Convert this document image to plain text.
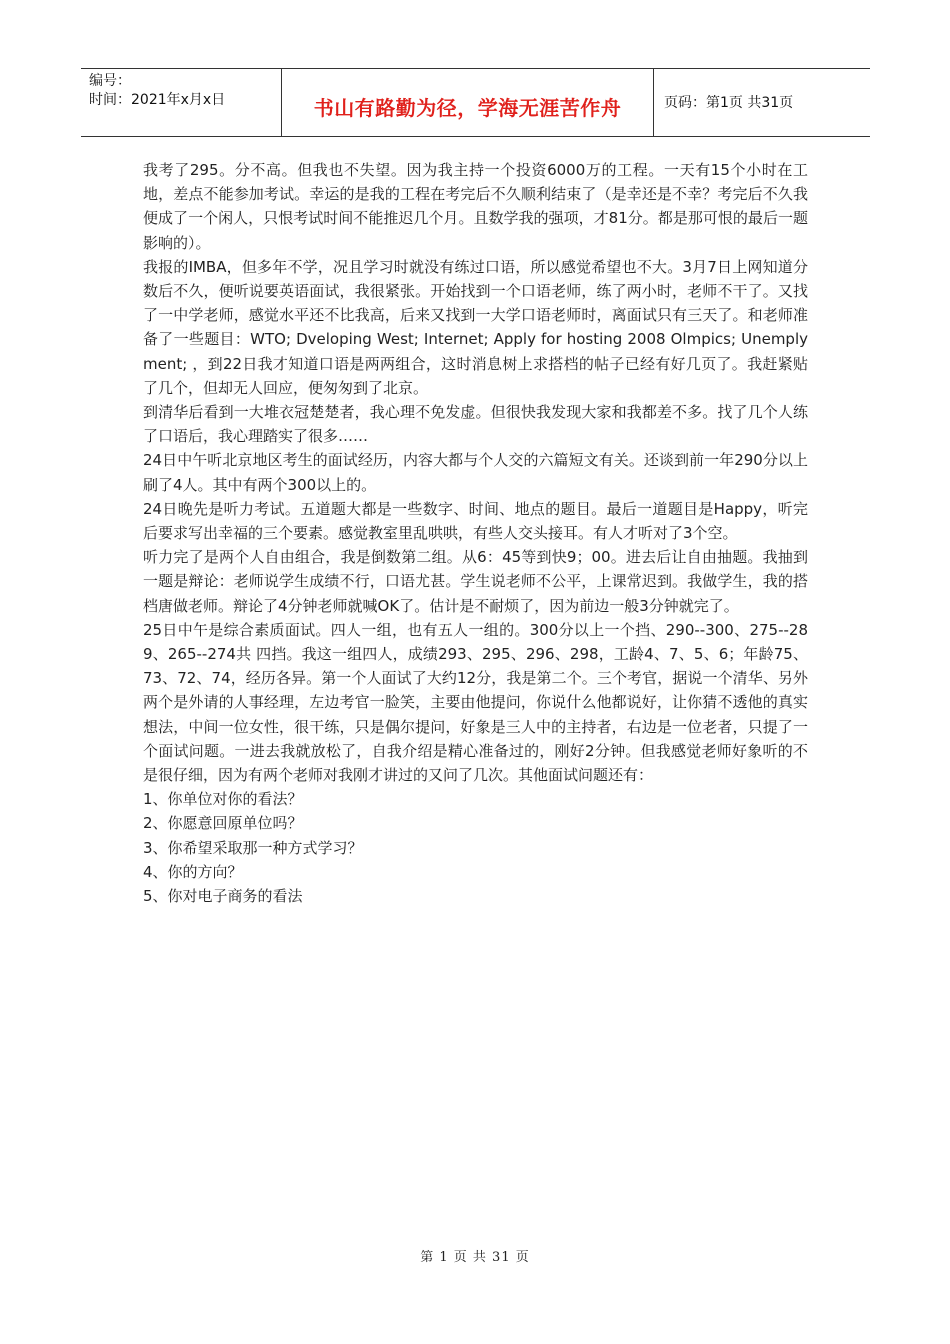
编号：
时间：2021年x月x日	书山有路勤为径，学海无涯苦作舟	页码：第1页 共31页

我考了295。分不高。但我也不失望。因为我主持一个投资6000万的工程。一天有15个小时在工地，差点不能参加考试。幸运的是我的工程在考完后不久顺利结束了（是幸还是不幸？考完后不久我便成了一个闲人，只恨考试时间不能推迟几个月。且数学我的强项，才81分。都是那可恨的最后一题影响的）。

我报的IMBA，但多年不学，况且学习时就没有练过口语，所以感觉希望也不大。3月7日上网知道分数后不久，便听说要英语面试，我很紧张。开始找到一个口语老师，练了两小时，老师不干了。又找了一中学老师，感觉水平还不比我高，后来又找到一大学口语老师时，离面试只有三天了。和老师准备了一些题目：WTO; Dveloping West; Internet; Apply for hosting 2008 Olmpics; Unemplyment; ，到22日我才知道口语是两两组合，这时消息树上求搭档的帖子已经有好几页了。我赶紧贴了几个，但却无人回应，便匆匆到了北京。

到清华后看到一大堆衣冠楚楚者，我心理不免发虚。但很快我发现大家和我都差不多。找了几个人练了口语后，我心理踏实了很多……

24日中午听北京地区考生的面试经历，内容大都与个人交的六篇短文有关。还谈到前一年290分以上刷了4人。其中有两个300以上的。

24日晚先是听力考试。五道题大都是一些数字、时间、地点的题目。最后一道题目是Happy，听完后要求写出幸福的三个要素。感觉教室里乱哄哄，有些人交头接耳。有人才听对了3个空。

听力完了是两个人自由组合，我是倒数第二组。从6：45等到快9；00。进去后让自由抽题。我抽到一题是辩论：老师说学生成绩不行，口语尤甚。学生说老师不公平，上课常迟到。我做学生，我的搭档唐做老师。辩论了4分钟老师就喊OK了。估计是不耐烦了，因为前边一般3分钟就完了。

25日中午是综合素质面试。四人一组，也有五人一组的。300分以上一个挡、290--300、275--289、265--274共 四挡。我这一组四人，成绩293、295、296、298，工龄4、7、5、6；年龄75、73、72、74，经历各异。第一个人面试了大约12分，我是第二个。三个考官，据说一个清华、另外两个是外请的人事经理，左边考官一脸笑，主要由他提问，你说什么他都说好，让你猜不透他的真实想法，中间一位女性，很干练，只是偶尔提问，好象是三人中的主持者，右边是一位老者，只提了一个面试问题。一进去我就放松了，自我介绍是精心准备过的，刚好2分钟。但我感觉老师好象听的不是很仔细，因为有两个老师对我刚才讲过的又问了几次。其他面试问题还有：

1、你单位对你的看法？
2、你愿意回原单位吗？
3、你希望采取那一种方式学习？
4、你的方向？
5、你对电子商务的看法
第 1 页 共 31 页
